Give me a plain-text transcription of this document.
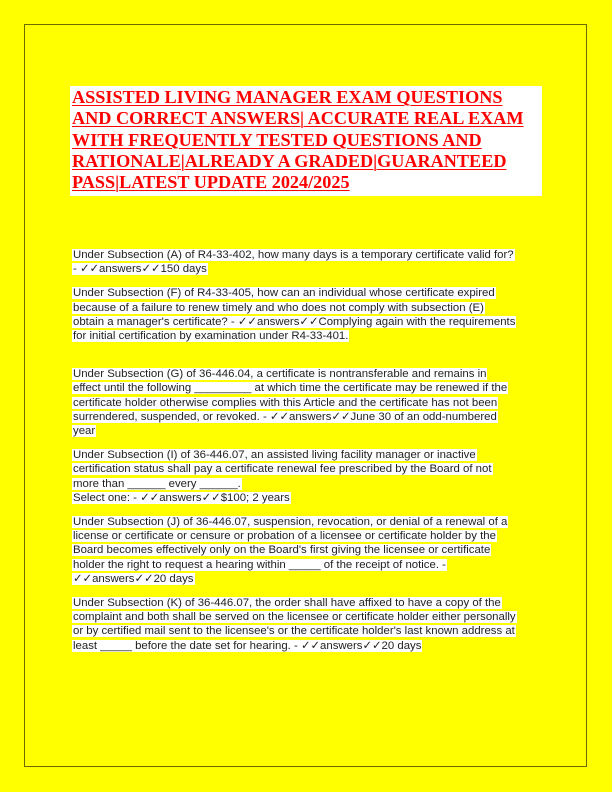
ASSISTED LIVING MANAGER EXAM QUESTIONS AND CORRECT ANSWERS| ACCURATE REAL EXAM WITH FREQUENTLY TESTED QUESTIONS AND RATIONALE|ALREADY A GRADED|GUARANTEED PASS|LATEST UPDATE 2024/2025

Under Subsection (A) of R4-33-402, how many days is a temporary certificate valid for?
- ✓✓answers✓✓150 days

Under Subsection (F) of R4-33-405, how can an individual whose certificate expired
because of a failure to renew timely and who does not comply with subsection (E)
obtain a manager's certificate? - ✓✓answers✓✓Complying again with the requirements
for initial certification by examination under R4-33-401.

Under Subsection (G) of 36-446.04, a certificate is nontransferable and remains in
effect until the following _________ at which time the certificate may be renewed if the
certificate holder otherwise complies with this Article and the certificate has not been
surrendered, suspended, or revoked. - ✓✓answers✓✓June 30 of an odd-numbered
year

Under Subsection (I) of 36-446.07, an assisted living facility manager or inactive
certification status shall pay a certificate renewal fee prescribed by the Board of not
more than ______ every ______.
Select one: - ✓✓answers✓✓$100; 2 years

Under Subsection (J) of 36-446.07, suspension, revocation, or denial of a renewal of a
license or certificate or censure or probation of a licensee or certificate holder by the
Board becomes effectively only on the Board's first giving the licensee or certificate
holder the right to request a hearing within _____ of the receipt of notice. -
✓✓answers✓✓20 days

Under Subsection (K) of 36-446.07, the order shall have affixed to have a copy of the
complaint and both shall be served on the licensee or certificate holder either personally
or by certified mail sent to the licensee's or the certificate holder's last known address at
least _____ before the date set for hearing. - ✓✓answers✓✓20 days
